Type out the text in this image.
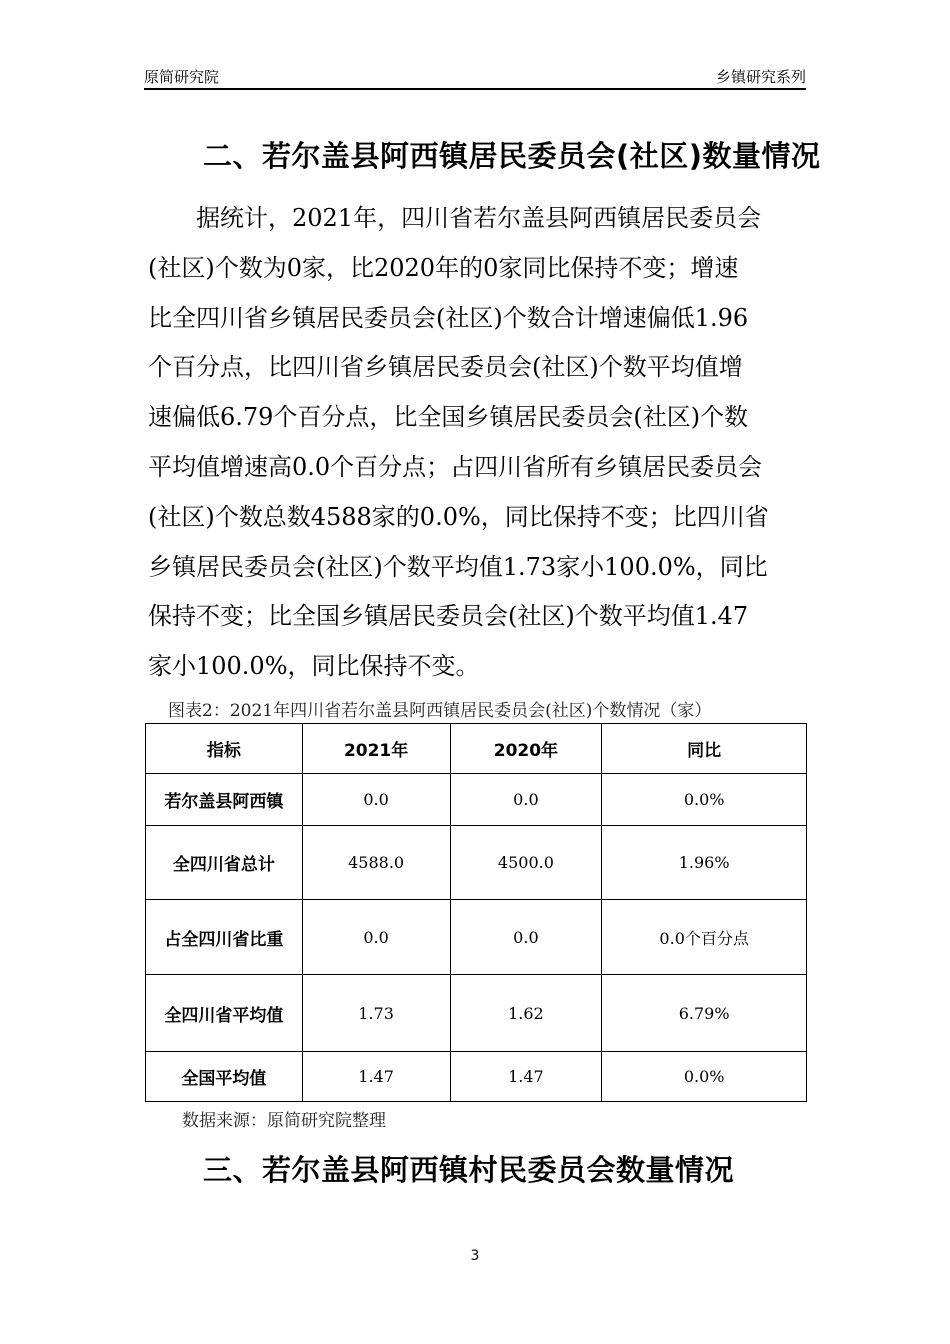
原简研究院	乡镇研究系列
二、若尔盖县阿西镇居民委员会(社区)数量情况
　　据统计，2021年，四川省若尔盖县阿西镇居民委员会
(社区)个数为0家，比2020年的0家同比保持不变；增速
比全四川省乡镇居民委员会(社区)个数合计增速偏低1.96
个百分点，比四川省乡镇居民委员会(社区)个数平均值增
速偏低6.79个百分点，比全国乡镇居民委员会(社区)个数
平均值增速高0.0个百分点；占四川省所有乡镇居民委员会
(社区)个数总数4588家的0.0%，同比保持不变；比四川省
乡镇居民委员会(社区)个数平均值1.73家小100.0%，同比
保持不变；比全国乡镇居民委员会(社区)个数平均值1.47
家小100.0%，同比保持不变。
图表2：2021年四川省若尔盖县阿西镇居民委员会(社区)个数情况（家）
指标	2021年	2020年	同比
若尔盖县阿西镇	0.0	0.0	0.0%
全四川省总计	4588.0	4500.0	1.96%
占全四川省比重	0.0	0.0	0.0个百分点
全四川省平均值	1.73	1.62	6.79%
全国平均值	1.47	1.47	0.0%
数据来源：原简研究院整理
三、若尔盖县阿西镇村民委员会数量情况
3
